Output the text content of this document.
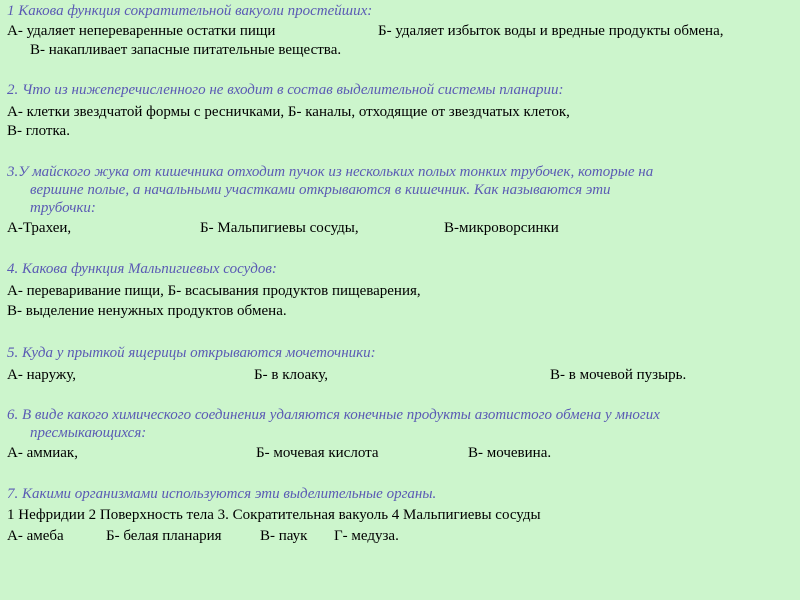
1 Какова функция сократительной вакуоли простейших:
А- удаляет непереваренные остатки пищи	Б- удаляет избыток воды и вредные продукты обмена,
В- накапливает запасные питательные вещества.
2. Что из нижеперечисленного не входит в состав выделительной системы планарии:
А- клетки звездчатой формы с ресничками, Б- каналы, отходящие от звездчатых клеток,
В- глотка.
3.У майского жука от кишечника отходит пучок из нескольких полых тонких трубочек, которые на
вершине полые, а начальными участками открываются в кишечник. Как называются эти
трубочки:
А-Трахеи,	Б- Мальпигиевы сосуды,	В-микроворсинки
4. Какова функция Мальпигиевых сосудов:
А- переваривание пищи, Б- всасывания продуктов пищеварения,
В- выделение ненужных продуктов обмена.
5. Куда у прыткой ящерицы открываются мочеточники:
А- наружу,	Б- в клоаку,	В- в мочевой пузырь.
6. В виде какого химического соединения удаляются конечные продукты азотистого обмена у многих
пресмыкающихся:
А- аммиак,	Б- мочевая кислота	В- мочевина.
7. Какими организмами используются эти выделительные органы.
1 Нефридии 2 Поверхность тела 3. Сократительная вакуоль 4 Мальпигиевы сосуды
А- амеба	Б- белая планария	В- паук Г- медуза.
